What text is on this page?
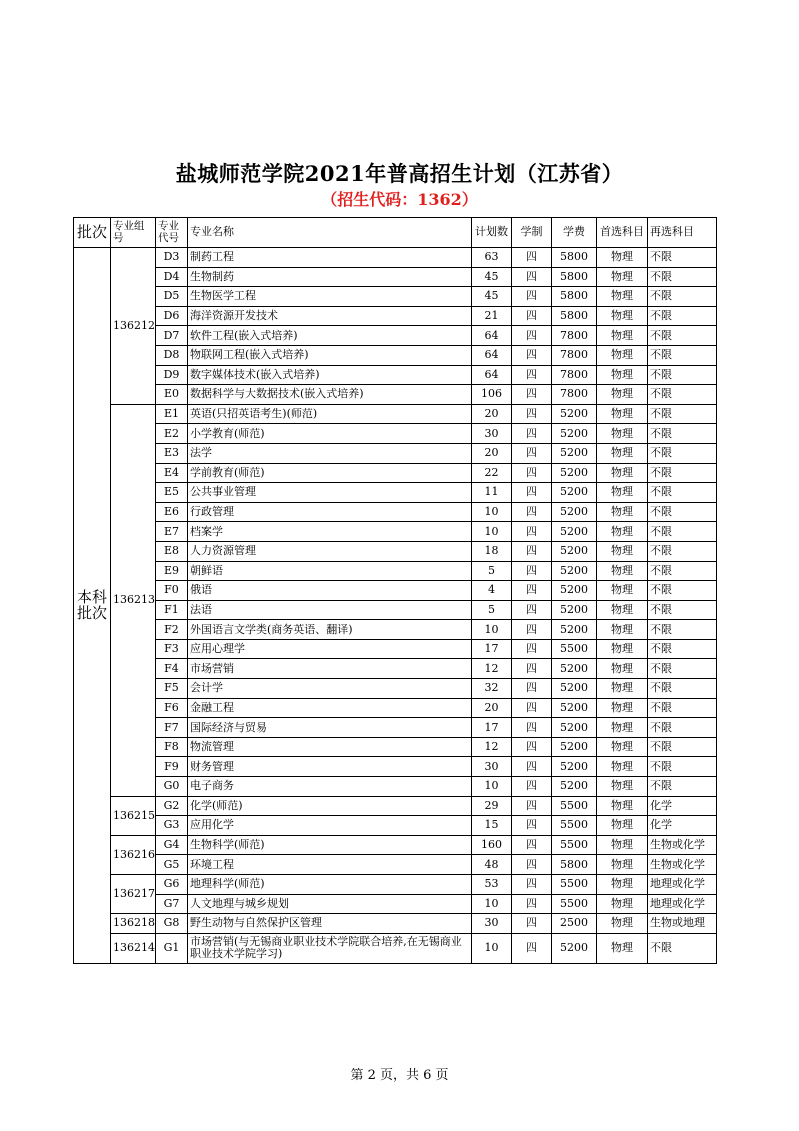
盐城师范学院2021年普高招生计划（江苏省）
（招生代码：1362）
批次	专业组号	专业代号	专业名称	计划数	学制	学费	首选科目	再选科目
本科批次	136212	D3	制药工程	63	四	5800	物理	不限
		D4	生物制药	45	四	5800	物理	不限
		D5	生物医学工程	45	四	5800	物理	不限
		D6	海洋资源开发技术	21	四	5800	物理	不限
		D7	软件工程(嵌入式培养)	64	四	7800	物理	不限
		D8	物联网工程(嵌入式培养)	64	四	7800	物理	不限
		D9	数字媒体技术(嵌入式培养)	64	四	7800	物理	不限
		E0	数据科学与大数据技术(嵌入式培养)	106	四	7800	物理	不限
	136213	E1	英语(只招英语考生)(师范)	20	四	5200	物理	不限
		E2	小学教育(师范)	30	四	5200	物理	不限
		E3	法学	20	四	5200	物理	不限
		E4	学前教育(师范)	22	四	5200	物理	不限
		E5	公共事业管理	11	四	5200	物理	不限
		E6	行政管理	10	四	5200	物理	不限
		E7	档案学	10	四	5200	物理	不限
		E8	人力资源管理	18	四	5200	物理	不限
		E9	朝鲜语	5	四	5200	物理	不限
		F0	俄语	4	四	5200	物理	不限
		F1	法语	5	四	5200	物理	不限
		F2	外国语言文学类(商务英语、翻译)	10	四	5200	物理	不限
		F3	应用心理学	17	四	5500	物理	不限
		F4	市场营销	12	四	5200	物理	不限
		F5	会计学	32	四	5200	物理	不限
		F6	金融工程	20	四	5200	物理	不限
		F7	国际经济与贸易	17	四	5200	物理	不限
		F8	物流管理	12	四	5200	物理	不限
		F9	财务管理	30	四	5200	物理	不限
		G0	电子商务	10	四	5200	物理	不限
	136215	G2	化学(师范)	29	四	5500	物理	化学
		G3	应用化学	15	四	5500	物理	化学
	136216	G4	生物科学(师范)	160	四	5500	物理	生物或化学
		G5	环境工程	48	四	5800	物理	生物或化学
	136217	G6	地理科学(师范)	53	四	5500	物理	地理或化学
		G7	人文地理与城乡规划	10	四	5500	物理	地理或化学
	136218	G8	野生动物与自然保护区管理	30	四	2500	物理	生物或地理
	136214	G1	市场营销(与无锡商业职业技术学院联合培养,在无锡商业职业技术学院学习)	10	四	5200	物理	不限
第 2 页，共 6 页
